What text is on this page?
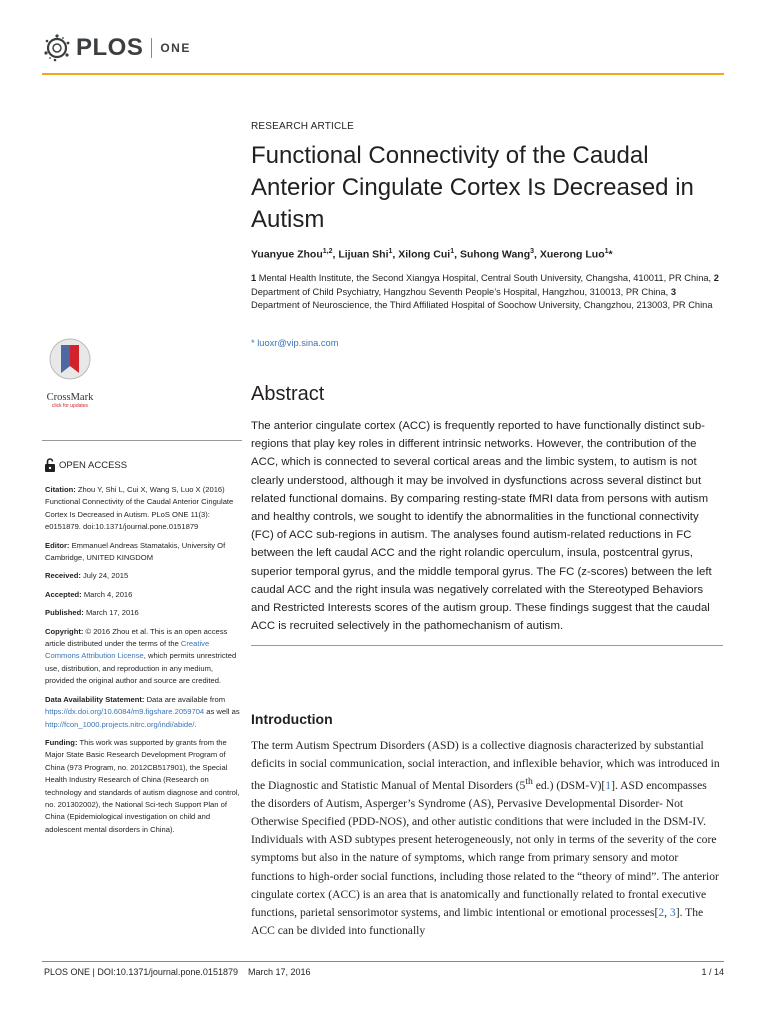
PLOS ONE
RESEARCH ARTICLE
Functional Connectivity of the Caudal Anterior Cingulate Cortex Is Decreased in Autism
Yuanyue Zhou$^{1,2}$, Lijuan Shi$^1$, Xilong Cui$^1$, Suhong Wang$^3$, Xuerong Luo$^1$*
1 Mental Health Institute, the Second Xiangya Hospital, Central South University, Changsha, 410011, PR China, 2 Department of Child Psychiatry, Hangzhou Seventh People’s Hospital, Hangzhou, 310013, PR China, 3 Department of Neuroscience, the Third Affiliated Hospital of Soochow University, Changzhou, 213003, PR China
* luoxr@vip.sina.com
Abstract
The anterior cingulate cortex (ACC) is frequently reported to have functionally distinct sub-regions that play key roles in different intrinsic networks. However, the contribution of the ACC, which is connected to several cortical areas and the limbic system, to autism is not clearly understood, although it may be involved in dysfunctions across several distinct but related functional domains. By comparing resting-state fMRI data from persons with autism and healthy controls, we sought to identify the abnormalities in the functional connectivity (FC) of ACC sub-regions in autism. The analyses found autism-related reductions in FC between the left caudal ACC and the right rolandic operculum, insula, postcentral gyrus, superior temporal gyrus, and the middle temporal gyrus. The FC (z-scores) between the left caudal ACC and the right insula was negatively correlated with the Stereotyped Behaviors and Restricted Interests scores of the autism group. These findings suggest that the caudal ACC is recruited selectively in the pathomechanism of autism.
Introduction
The term Autism Spectrum Disorders (ASD) is a collective diagnosis characterized by substantial deficits in social communication, social interaction, and inflexible behavior, which was introduced in the Diagnostic and Statistic Manual of Mental Disorders (5th ed.) (DSM-V)[1]. ASD encompasses the disorders of Autism, Asperger’s Syndrome (AS), Pervasive Developmental Disorder- Not Otherwise Specified (PDD-NOS), and other autistic conditions that were included in the DSM-IV. Individuals with ASD subtypes present heterogeneously, not only in terms of the severity of the core symptoms but also in the nature of symptoms, which range from primary sensory and motor functions to high-order social functions, including those related to the “theory of mind”. The anterior cingulate cortex (ACC) is an area that is anatomically and functionally related to frontal executive functions, parietal sensorimotor systems, and limbic intentional or emotional processes[2, 3]. The ACC can be divided into functionally
CrossMark
click for updates
OPEN ACCESS

Citation: Zhou Y, Shi L, Cui X, Wang S, Luo X (2016) Functional Connectivity of the Caudal Anterior Cingulate Cortex Is Decreased in Autism. PLoS ONE 11(3): e0151879. doi:10.1371/journal.pone.0151879

Editor: Emmanuel Andreas Stamatakis, University Of Cambridge, UNITED KINGDOM

Received: July 24, 2015

Accepted: March 4, 2016

Published: March 17, 2016

Copyright: © 2016 Zhou et al. This is an open access article distributed under the terms of the Creative Commons Attribution License, which permits unrestricted use, distribution, and reproduction in any medium, provided the original author and source are credited.

Data Availability Statement: Data are available from https://dx.doi.org/10.6084/m9.figshare.2059704 as well as http://fcon_1000.projects.nitrc.org/indi/abide/.

Funding: This work was supported by grants from the Major State Basic Research Development Program of China (973 Program, no. 2012CB517901), the Special Health Industry Research of China (Research on technology and standards of autism diagnose and control, no. 201302002), the National Sci-tech Support Plan of China (Epidemiological investigation on child and adolescent mental disorders in China).

PLOS ONE | DOI:10.1371/journal.pone.0151879    March 17, 2016	1 / 14
